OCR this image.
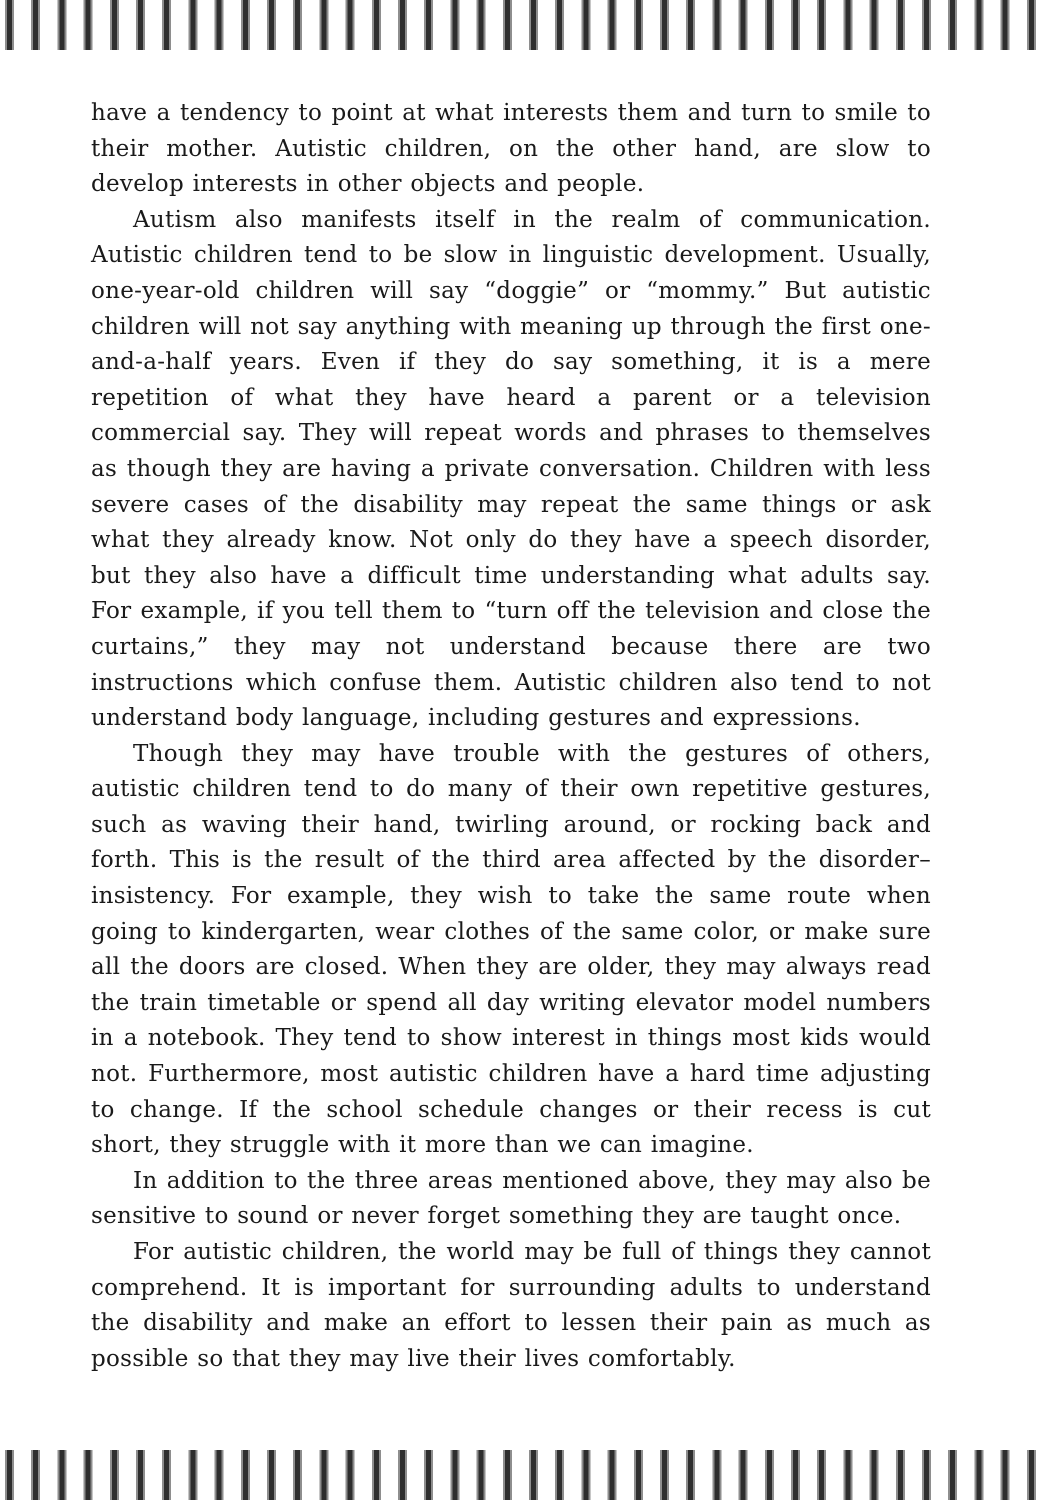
have a tendency to point at what interests them and turn to smile to their mother. Autistic children, on the other hand, are slow to develop interests in other objects and people.

Autism also manifests itself in the realm of communication. Autistic children tend to be slow in linguistic development. Usually, one-year-old children will say “doggie” or “mommy.” But autistic children will not say anything with meaning up through the first one-and-a-half years. Even if they do say something, it is a mere repetition of what they have heard a parent or a television commercial say. They will repeat words and phrases to themselves as though they are having a private conversation. Children with less severe cases of the disability may repeat the same things or ask what they already know. Not only do they have a speech disorder, but they also have a difficult time understanding what adults say. For example, if you tell them to “turn off the television and close the curtains,” they may not understand because there are two instructions which confuse them. Autistic children also tend to not understand body language, including gestures and expressions.

Though they may have trouble with the gestures of others, autistic children tend to do many of their own repetitive gestures, such as waving their hand, twirling around, or rocking back and forth. This is the result of the third area affected by the disorder–insistency. For example, they wish to take the same route when going to kindergarten, wear clothes of the same color, or make sure all the doors are closed. When they are older, they may always read the train timetable or spend all day writing elevator model numbers in a notebook. They tend to show interest in things most kids would not. Furthermore, most autistic children have a hard time adjusting to change. If the school schedule changes or their recess is cut short, they struggle with it more than we can imagine.

In addition to the three areas mentioned above, they may also be sensitive to sound or never forget something they are taught once.

For autistic children, the world may be full of things they cannot comprehend. It is important for surrounding adults to understand the disability and make an effort to lessen their pain as much as possible so that they may live their lives comfortably.
